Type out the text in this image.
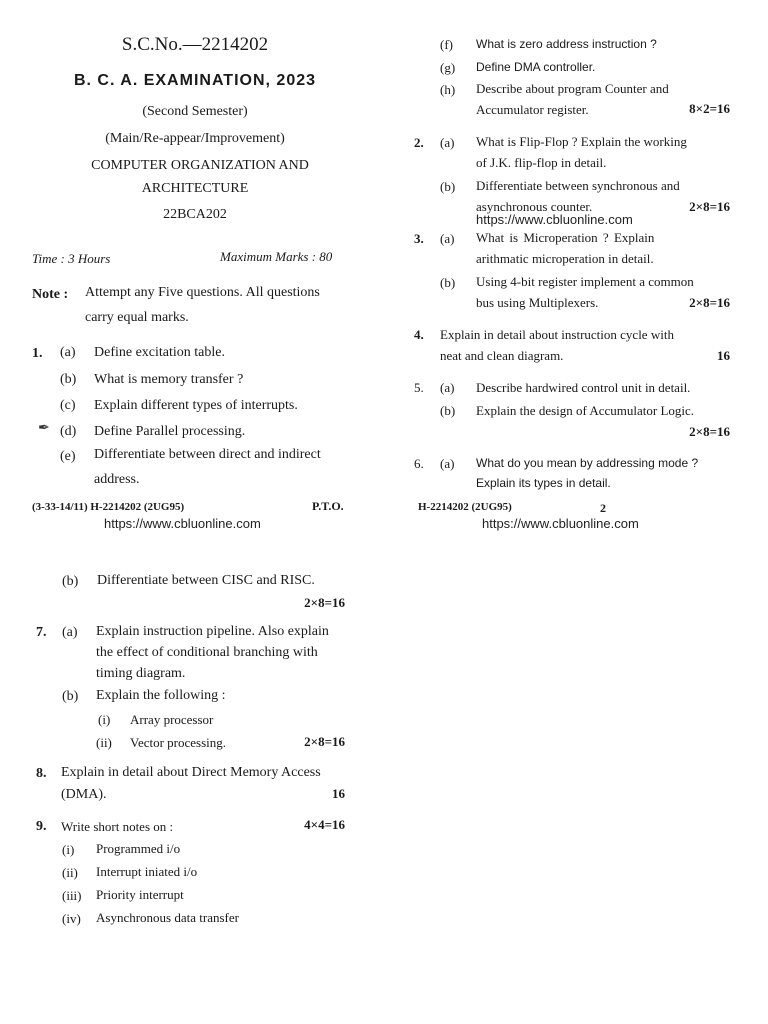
S.C.No.—2214202
B. C. A. EXAMINATION, 2023
(Second Semester)
(Main/Re-appear/Improvement)
COMPUTER ORGANIZATION AND
ARCHITECTURE
22BCA202
Time : 3 Hours	Maximum Marks : 80
Note : Attempt any Five questions. All questions
carry equal marks.
1. (a) Define excitation table.
(b) What is memory transfer ?
(c) Explain different types of interrupts.
✒ (d) Define Parallel processing.
(e) Differentiate between direct and indirect
address.
(3-33-14/11) H-2214202 (2UG95)	P.T.O.
https://www.cbluonline.com
(f) What is zero address instruction ?
(g) Define DMA controller.
(h) Describe about program Counter and
Accumulator register.	8×2=16
2. (a) What is Flip-Flop ? Explain the working
of J.K. flip-flop in detail.
(b) Differentiate between synchronous and
asynchronous counter.	2×8=16
https://www.cbluonline.com
3. (a) What is Microperation ? Explain
arithmatic microperation in detail.
(b) Using 4-bit register implement a common
bus using Multiplexers.	2×8=16
4. Explain in detail about instruction cycle with
neat and clean diagram.	16
5. (a) Describe hardwired control unit in detail.
(b) Explain the design of Accumulator Logic.
2×8=16
6. (a) What do you mean by addressing mode ?
Explain its types in detail.
H-2214202 (2UG95)	2
https://www.cbluonline.com
(b) Differentiate between CISC and RISC.
2×8=16
7. (a) Explain instruction pipeline. Also explain
the effect of conditional branching with
timing diagram.
(b) Explain the following :
(i) Array processor
(ii) Vector processing.	2×8=16
8. Explain in detail about Direct Memory Access
(DMA).	16
9. Write short notes on :	4×4=16
(i) Programmed i/o
(ii) Interrupt iniated i/o
(iii) Priority interrupt
(iv) Asynchronous data transfer
